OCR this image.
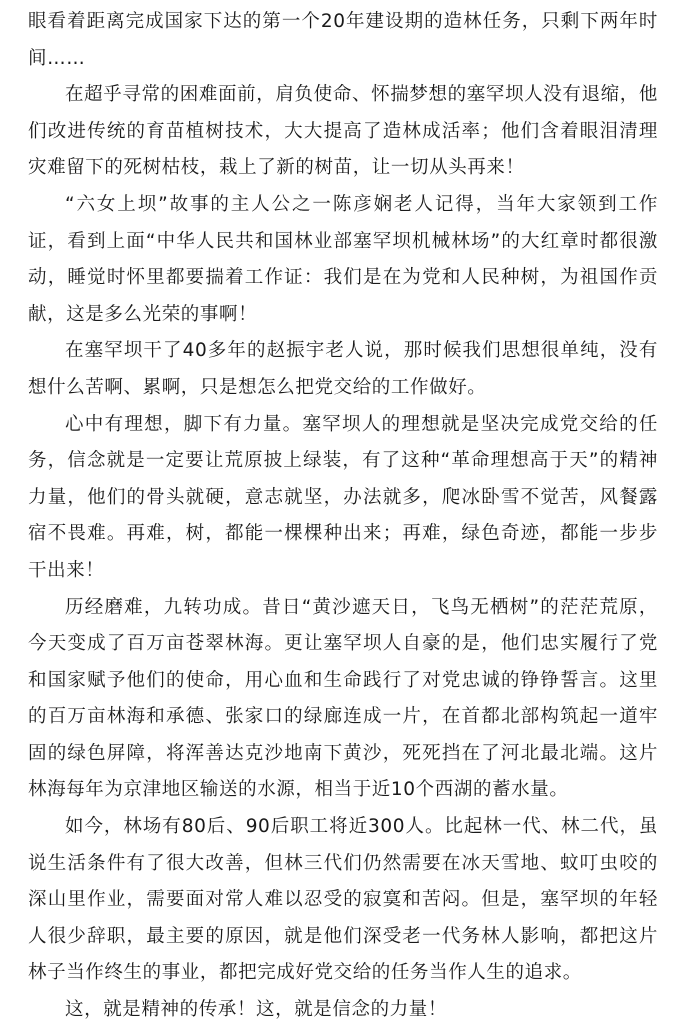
眼看着距离完成国家下达的第一个20年建设期的造林任务，只剩下两年时间……

在超乎寻常的困难面前，肩负使命、怀揣梦想的塞罕坝人没有退缩，他们改进传统的育苗植树技术，大大提高了造林成活率；他们含着眼泪清理灾难留下的死树枯枝，栽上了新的树苗，让一切从头再来！

“六女上坝”故事的主人公之一陈彦娴老人记得，当年大家领到工作证，看到上面“中华人民共和国林业部塞罕坝机械林场”的大红章时都很激动，睡觉时怀里都要揣着工作证：我们是在为党和人民种树，为祖国作贡献，这是多么光荣的事啊！

在塞罕坝干了40多年的赵振宇老人说，那时候我们思想很单纯，没有想什么苦啊、累啊，只是想怎么把党交给的工作做好。

心中有理想，脚下有力量。塞罕坝人的理想就是坚决完成党交给的任务，信念就是一定要让荒原披上绿装，有了这种“革命理想高于天”的精神力量，他们的骨头就硬，意志就坚，办法就多，爬冰卧雪不觉苦，风餐露宿不畏难。再难，树，都能一棵棵种出来；再难，绿色奇迹，都能一步步干出来！

历经磨难，九转功成。昔日“黄沙遮天日，飞鸟无栖树”的茫茫荒原，今天变成了百万亩苍翠林海。更让塞罕坝人自豪的是，他们忠实履行了党和国家赋予他们的使命，用心血和生命践行了对党忠诚的铮铮誓言。这里的百万亩林海和承德、张家口的绿廊连成一片，在首都北部构筑起一道牢固的绿色屏障，将浑善达克沙地南下黄沙，死死挡在了河北最北端。这片林海每年为京津地区输送的水源，相当于近10个西湖的蓄水量。

如今，林场有80后、90后职工将近300人。比起林一代、林二代，虽说生活条件有了很大改善，但林三代们仍然需要在冰天雪地、蚊叮虫咬的深山里作业，需要面对常人难以忍受的寂寞和苦闷。但是，塞罕坝的年轻人很少辞职，最主要的原因，就是他们深受老一代务林人影响，都把这片林子当作终生的事业，都把完成好党交给的任务当作人生的追求。

这，就是精神的传承！这，就是信念的力量！
